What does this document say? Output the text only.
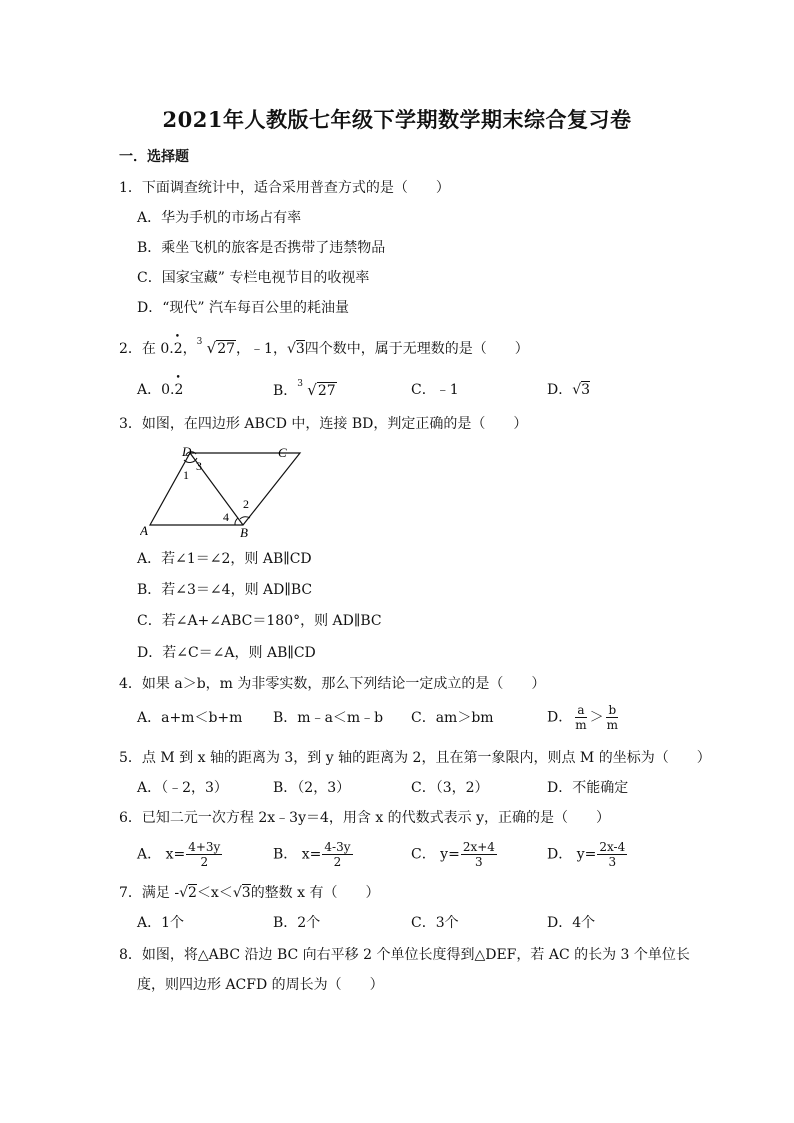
2021年人教版七年级下学期数学期末综合复习卷
一．选择题
1．下面调查统计中，适合采用普查方式的是（　　）
A．华为手机的市场占有率
B．乘坐飞机的旅客是否携带了违禁物品
C．国家宝藏” 专栏电视节目的收视率
D．“现代” 汽车每百公里的耗油量
2．在 0.• 2， 3 √27，﹣1，√3四个数中，属于无理数的是（　　）
A．0.• 2	B． 3 √27	C．﹣1	D．√3
3．如图，在四边形 ABCD 中，连接 BD，判定正确的是（　　）
A	B
C
D
1
2
3
4
A．若∠1＝∠2，则 AB∥CD
B．若∠3＝∠4，则 AD∥BC
C．若∠A+∠ABC＝180°，则 AD∥BC
D．若∠C＝∠A，则 AB∥CD
4．如果 a＞b，m 为非零实数，那么下列结论一定成立的是（　　）
A．a+m＜b+m B．m﹣a＜m﹣b C．am＞bm	D． $\frac{a}{m} > \frac{b}{m}$
5．点 M 到 x 轴的距离为 3，到 y 轴的距离为 2，且在第一象限内，则点 M 的坐标为（　　）
A．（﹣2，3）	B．（2，3）	C．（3，2）	D．不能确定
6．已知二元一次方程 2x﹣3y＝4，用含 x 的代数式表示 y，正确的是（　　）
A． $x= \frac{4+3y}{2}$	B． $x= \frac{4-3y}{2}$	C． $y= \frac{2x+4}{3}$	D． $y= \frac{2x-4}{3}$
7．满足 -√2＜x＜√3的整数 x 有（　　）
A．1个	B．2个	C．3个	D．4个
8．如图，将△ABC 沿边 BC 向右平移 2 个单位长度得到△DEF，若 AC 的长为 3 个单位长
度，则四边形 ACFD 的周长为（　　）
